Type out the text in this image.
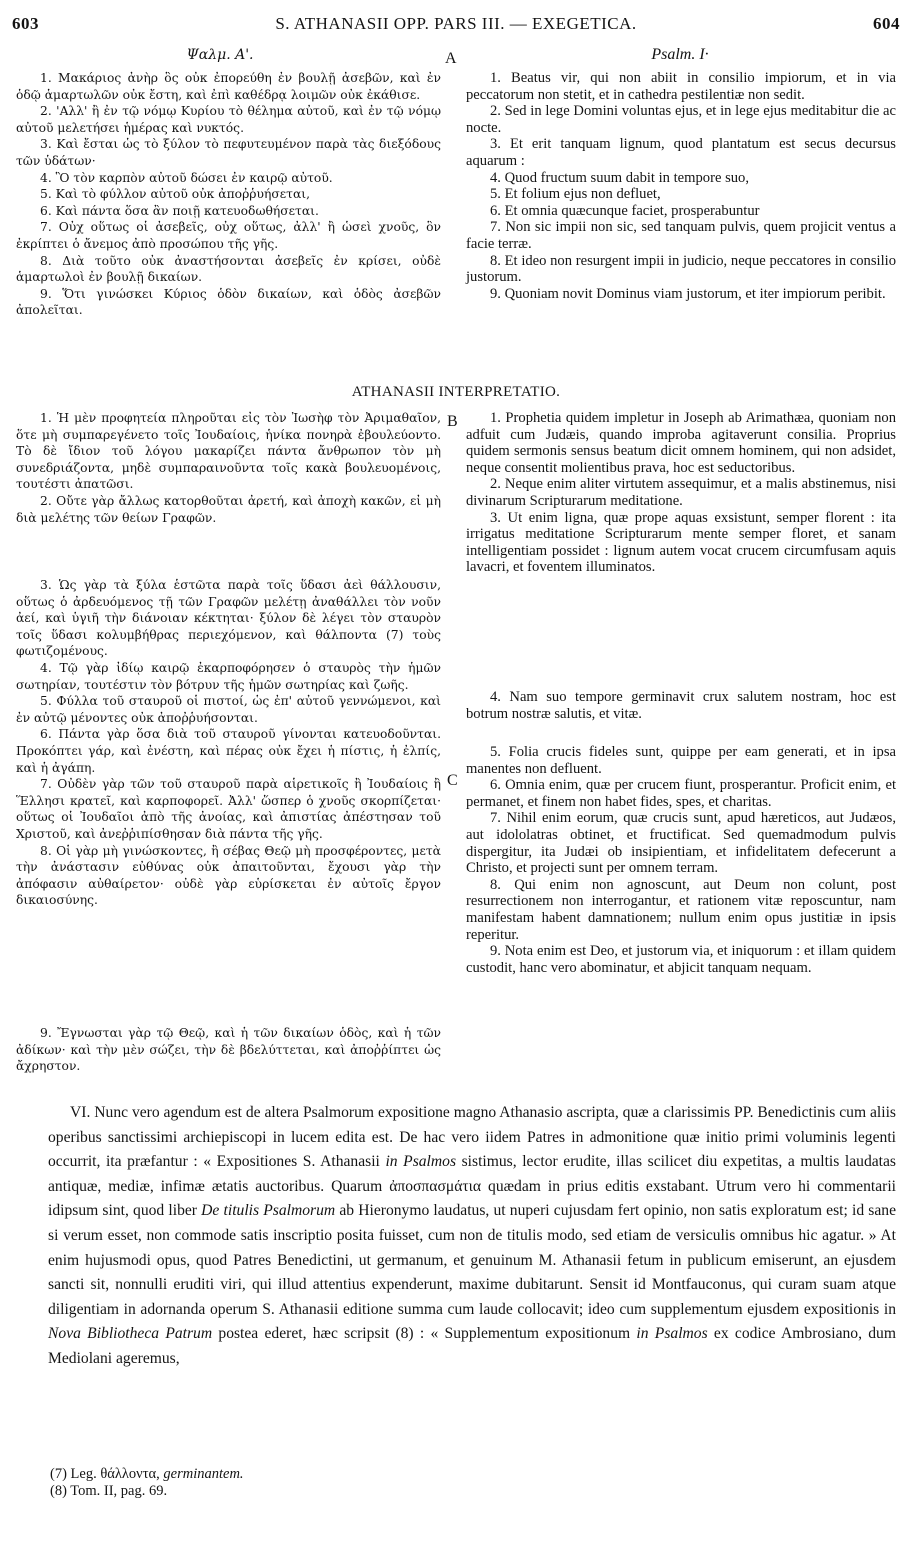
603	S. ATHANASII OPP. PARS III. — EXEGETICA.	604
Ψαλμ. Α'.	A	Psalm. I·

1. Μακάριος ἀνὴρ ὃς οὐκ ἐπορεύθη ἐν βουλῇ ἀσεβῶν, καὶ ἐν ὁδῷ ἁμαρτωλῶν οὐκ ἔστη, καὶ ἐπὶ καθέδρᾳ λοιμῶν οὐκ ἐκάθισε.

2. 'Αλλ' ἢ ἐν τῷ νόμῳ Κυρίου τὸ θέλημα αὐτοῦ, καὶ ἐν τῷ νόμῳ αὐτοῦ μελετήσει ἡμέρας καὶ νυκτός.

3. Καὶ ἔσται ὡς τὸ ξύλον τὸ πεφυτευμένον παρὰ τὰς διεξόδους τῶν ὑδάτων·

4. Ὃ τὸν καρπὸν αὐτοῦ δώσει ἐν καιρῷ αὐτοῦ.

5. Καὶ τὸ φύλλον αὐτοῦ οὐκ ἀποῤῥυήσεται,

6. Καὶ πάντα ὅσα ἂν ποιῇ κατευοδωθήσεται.

7. Οὐχ οὕτως οἱ ἀσεβεῖς, οὐχ οὕτως, ἀλλ' ἢ ὡσεὶ χνοῦς, ὃν ἐκρίπτει ὁ ἄνεμος ἀπὸ προσώπου τῆς γῆς.

8. Διὰ τοῦτο οὐκ ἀναστήσονται ἀσεβεῖς ἐν κρίσει, οὐδὲ ἁμαρτωλοὶ ἐν βουλῇ δικαίων.

9. Ὅτι γινώσκει Κύριος ὁδὸν δικαίων, καὶ ὁδὸς ἀσεβῶν ἀπολεῖται.

1. Beatus vir, qui non abiit in consilio impiorum, et in via peccatorum non stetit, et in cathedra pestilentiæ non sedit.

2. Sed in lege Domini voluntas ejus, et in lege ejus meditabitur die ac nocte.

3. Et erit tanquam lignum, quod plantatum est secus decursus aquarum :

4. Quod fructum suum dabit in tempore suo,

5. Et folium ejus non defluet,

6. Et omnia quæcunque faciet, prosperabuntur

7. Non sic impii non sic, sed tanquam pulvis, quem projicit ventus a facie terræ.

8. Et ideo non resurgent impii in judicio, neque peccatores in consilio justorum.

9. Quoniam novit Dominus viam justorum, et iter impiorum peribit.

ATHANASII INTERPRETATIO.

1. Ἡ μὲν προφητεία πληροῦται εἰς τὸν Ἰωσὴφ τὸν Ἀριμαθαῖον, ὅτε μὴ συμπαρεγένετο τοῖς Ἰουδαίοις, ἡνίκα πονηρὰ ἐβουλεύοντο. Τὸ δὲ ἴδιον τοῦ λόγου μακαρίζει πάντα ἄνθρωπον τὸν μὴ συνεδριάζοντα, μηδὲ συμπαραινοῦντα τοῖς κακὰ βουλευομένοις, τουτέστι ἀπατῶσι.

2. Οὔτε γὰρ ἄλλως κατορθοῦται ἀρετή, καὶ ἀποχὴ κακῶν, εἰ μὴ διὰ μελέτης τῶν θείων Γραφῶν.

3. Ὡς γὰρ τὰ ξύλα ἑστῶτα παρὰ τοῖς ὕδασι ἀεὶ θάλλουσιν, οὕτως ὁ ἀρδευόμενος τῇ τῶν Γραφῶν μελέτῃ ἀναθάλλει τὸν νοῦν ἀεί, καὶ ὑγιῆ τὴν διάνοιαν κέκτηται· ξύλον δὲ λέγει τὸν σταυρὸν τοῖς ὕδασι κολυμβήθρας περιεχόμενον, καὶ θάλποντα (7) τοὺς φωτιζομένους.

4. Τῷ γὰρ ἰδίῳ καιρῷ ἐκαρποφόρησεν ὁ σταυρὸς τὴν ἡμῶν σωτηρίαν, τουτέστιν τὸν βότρυν τῆς ἡμῶν σωτηρίας καὶ ζωῆς.

5. Φύλλα τοῦ σταυροῦ οἱ πιστοί, ὡς ἐπ' αὐτοῦ γεννώμενοι, καὶ ἐν αὐτῷ μένοντες οὐκ ἀποῤῥυήσονται.

6. Πάντα γὰρ ὅσα διὰ τοῦ σταυροῦ γίνονται κατευοδοῦνται. Προκόπτει γάρ, καὶ ἐνέστη, καὶ πέρας οὐκ ἔχει ἡ πίστις, ἡ ἐλπίς, καὶ ἡ ἀγάπη.

7. Οὐδὲν γὰρ τῶν τοῦ σταυροῦ παρὰ αἱρετικοῖς ἢ Ἰουδαίοις ἢ Ἕλλησι κρατεῖ, καὶ καρποφορεῖ. Ἀλλ' ὥσπερ ὁ χνοῦς σκορπίζεται· οὕτως οἱ Ἰουδαῖοι ἀπὸ τῆς ἀνοίας, καὶ ἀπιστίας ἀπέστησαν τοῦ Χριστοῦ, καὶ ἀνεῤῥιπίσθησαν διὰ πάντα τῆς γῆς.

8. Οἱ γὰρ μὴ γινώσκοντες, ἢ σέβας Θεῷ μὴ προσφέροντες, μετὰ τὴν ἀνάστασιν εὐθύνας οὐκ ἀπαιτοῦνται, ἔχουσι γὰρ τὴν ἀπόφασιν αὐθαίρετον· οὐδὲ γὰρ εὑρίσκεται ἐν αὐτοῖς ἔργον δικαιοσύνης.

9. Ἔγνωσται γὰρ τῷ Θεῷ, καὶ ἡ τῶν δικαίων ὁδὸς, καὶ ἡ τῶν ἀδίκων· καὶ τὴν μὲν σώζει, τὴν δὲ βδελύττεται, καὶ ἀποῤῥίπτει ὡς ἄχρηστον.

B
C

1. Prophetia quidem impletur in Joseph ab Arimathæa, quoniam non adfuit cum Judæis, quando improba agitaverunt consilia. Proprius quidem sermonis sensus beatum dicit omnem hominem, qui non adsidet, neque consentit molientibus prava, hoc est seductoribus.

2. Neque enim aliter virtutem assequimur, et a malis abstinemus, nisi divinarum Scripturarum meditatione.

3. Ut enim ligna, quæ prope aquas exsistunt, semper florent : ita irrigatus meditatione Scripturarum mente semper floret, et sanam intelligentiam possidet : lignum autem vocat crucem circumfusam aquis lavacri, et foventem illuminatos.

4. Nam suo tempore germinavit crux salutem nostram, hoc est botrum nostræ salutis, et vitæ.

5. Folia crucis fideles sunt, quippe per eam generati, et in ipsa manentes non defluent.

6. Omnia enim, quæ per crucem fiunt, prosperantur. Proficit enim, et permanet, et finem non habet fides, spes, et charitas.

7. Nihil enim eorum, quæ crucis sunt, apud hæreticos, aut Judæos, aut idololatras obtinet, et fructificat. Sed quemadmodum pulvis dispergitur, ita Judæi ob insipientiam, et infidelitatem defecerunt a Christo, et projecti sunt per omnem terram.

8. Qui enim non agnoscunt, aut Deum non colunt, post resurrectionem non interrogantur, et rationem vitæ reposcuntur, nam manifestam habent damnationem; nullum enim opus justitiæ in ipsis reperitur.

9. Nota enim est Deo, et justorum via, et iniquorum : et illam quidem custodit, hanc vero abominatur, et abjicit tanquam nequam.

VI. Nunc vero agendum est de altera Psalmorum expositione magno Athanasio ascripta, quæ a clarissimis PP. Benedictinis cum aliis operibus sanctissimi archiepiscopi in lucem edita est. De hac vero iidem Patres in admonitione quæ initio primi voluminis legenti occurrit, ita præfantur : « Expositiones S. Athanasii in Psalmos sistimus, lector erudite, illas scilicet diu expetitas, a multis laudatas antiquæ, mediæ, infimæ ætatis auctoribus. Quarum ἀποσπασμάτια quædam in prius editis exstabant. Utrum vero hi commentarii idipsum sint, quod liber De titulis Psalmorum ab Hieronymo laudatus, ut nuperi cujusdam fert opinio, non satis exploratum est; id sane si verum esset, non commode satis inscriptio posita fuisset, cum non de titulis modo, sed etiam de versiculis omnibus hic agatur. » At enim hujusmodi opus, quod Patres Benedictini, ut germanum, et genuinum M. Athanasii fetum in publicum emiserunt, an ejusdem sancti sit, nonnulli eruditi viri, qui illud attentius expenderunt, maxime dubitarunt. Sensit id Montfauconus, qui curam suam atque diligentiam in adornanda operum S. Athanasii editione summa cum laude collocavit; ideo cum supplementum ejusdem expositionis in Nova Bibliotheca Patrum postea ederet, hæc scripsit (8) : « Supplementum expositionum in Psalmos ex codice Ambrosiano, dum Mediolani ageremus,

(7) Leg. θάλλοντα, germinantem.
(8) Tom. II, pag. 69.
